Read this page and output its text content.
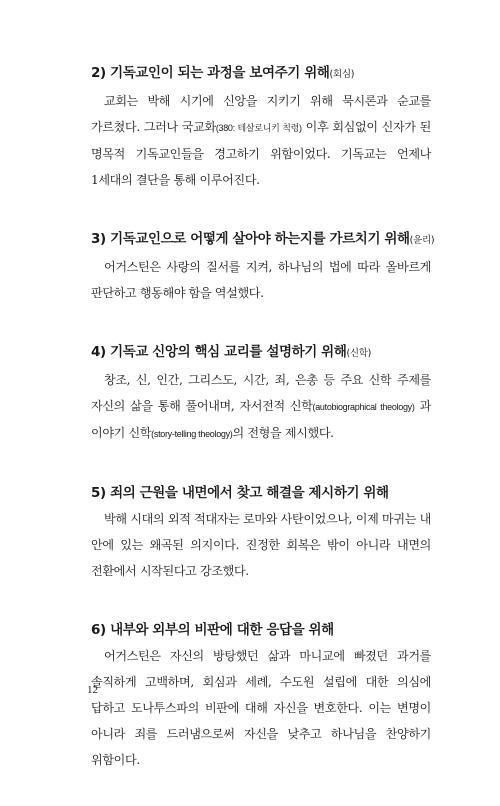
2) 기독교인이 되는 과정을 보여주기 위해(회심)

교회는 박해 시기에 신앙을 지키기 위해 묵시론과 순교를 가르쳤다. 그러나 국교화(380: 테살로니키 칙령) 이후 회심없이 신자가 된 명목적 기독교인들을 경고하기 위함이었다. 기독교는 언제나 1세대의 결단을 통해 이루어진다.

3) 기독교인으로 어떻게 살아야 하는지를 가르치기 위해(윤리)

어거스틴은 사랑의 질서를 지켜, 하나님의 법에 따라 올바르게 판단하고 행동해야 함을 역설했다.

4) 기독교 신앙의 핵심 교리를 설명하기 위해(신학)

창조, 신, 인간, 그리스도, 시간, 죄, 은총 등 주요 신학 주제를 자신의 삶을 통해 풀어내며, 자서전적 신학(autobiographical theology) 과 이야기 신학(story-telling theology)의 전형을 제시했다.

5) 죄의 근원을 내면에서 찾고 해결을 제시하기 위해

박해 시대의 외적 적대자는 로마와 사탄이었으나, 이제 마귀는 내 안에 있는 왜곡된 의지이다. 진정한 회복은 밖이 아니라 내면의 전환에서 시작된다고 강조했다.

6) 내부와 외부의 비판에 대한 응답을 위해

어거스틴은 자신의 방탕했던 삶과 마니교에 빠졌던 과거를 솔직하게 고백하며, 회심과 세례, 수도원 설립에 대한 의심에 답하고 도나투스파의 비판에 대해 자신을 변호한다. 이는 변명이 아니라 죄를 드러냄으로써 자신을 낮추고 하나님을 찬양하기 위함이다.

12
